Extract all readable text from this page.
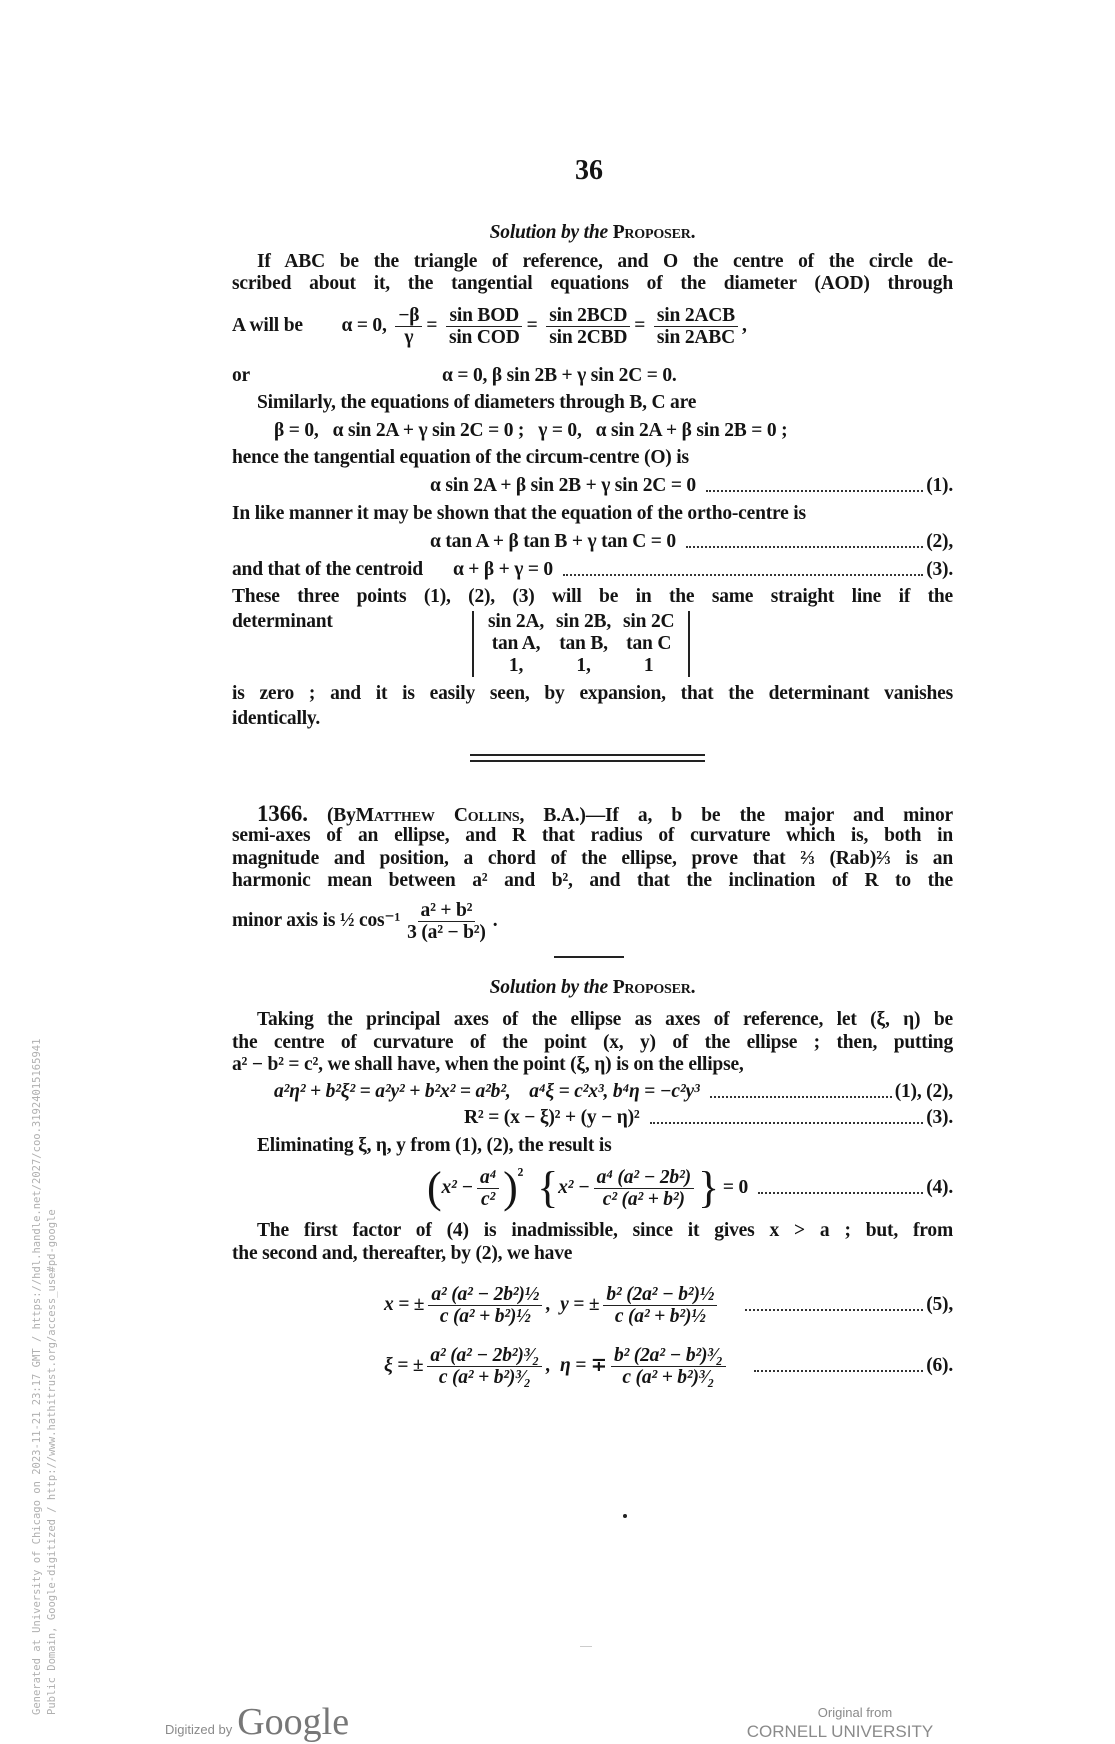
36
Solution by the Proposer.
If ABC be the triangle of reference, and O the centre of the circle de-
scribed about it, the tangential equations of the diameter (AOD) through
A will be α = 0, $\frac{-\beta}{\gamma} = \frac{\text{sin BOD}}{\text{sin COD}} = \frac{\text{sin 2BCD}}{\text{sin 2CBD}} = \frac{\text{sin 2ACB}}{\text{sin 2ABC}}$ ,
or	α = 0, β sin 2B + γ sin 2C = 0.
Similarly, the equations of diameters through B, C are
β = 0,   α sin 2A + γ sin 2C = 0 ;   γ = 0,   α sin 2A + β sin 2B = 0 ;
hence the tangential equation of the circum-centre (O) is
α sin 2A + β sin 2B + γ sin 2C = 0	(1).
In like manner it may be shown that the equation of the ortho-centre is
α tan A + β tan B + γ tan C = 0	(2),
and that of the centroid α + β + γ = 0	(3).
These three points (1), (2), (3) will be in the same straight line if the
determinant	sin 2A,	sin 2B,	sin 2C
tan A,	tan B,	tan C
1,	1,	1
is zero ; and it is easily seen, by expansion, that the determinant vanishes
identically.
1366. (ByMatthew Collins, B.A.)—If a, b be the major and minor
semi-axes of an ellipse, and R that radius of curvature which is, both in
magnitude and position, a chord of the ellipse, prove that ⅔ (Rab)⅔ is an
harmonic mean between a² and b², and that the inclination of R to the
minor axis is ½ $\cos^{-1} \frac{\text{a² + b²}}{\text{3 (a² − b²)}}$ .
Solution by the Proposer.
Taking the principal axes of the ellipse as axes of reference, let (ξ, η) be
the centre of curvature of the point (x, y) of the ellipse ; then, putting
a² − b² = c², we shall have, when the point (ξ, η) is on the ellipse,
a²η² + b²ξ² = a²y² + b²x² = a²b²,    a⁴ξ = c²x³, b⁴η = −c²y³	(1), (2),
R² = (x − ξ)² + (y − η)²	(3).
Eliminating ξ, η, y from (1), (2), the result is
( $x^2 - \frac{\text{a⁴}}{\text{c²}}$ ) ² { $x^2 - \frac{\text{a⁴ (a² − 2b²)}}{\text{c² (a² + b²)}}$ } = 0	(4).
The first factor of (4) is inadmissible, since it gives x > a ; but, from
the second and, thereafter, by (2), we have
x = ± $\frac{\text{a² (a² − 2b²)½}}{\text{c (a² + b²)½}}$ ,  y = ± $\frac{\text{b² (2a² − b²)½}}{\text{c (a² + b²)½}}$	(5),
ξ = ± $\frac{\text{a² (a² − 2b²)³⁄₂}}{\text{c (a² + b²)³⁄₂}}$ ,  η = ∓ $\frac{\text{b² (2a² − b²)³⁄₂}}{\text{c (a² + b²)³⁄₂}}$	(6).
Digitized by Google	Original from
CORNELL UNIVERSITY
Generated at University of Chicago on 2023-11-21 23:17 GMT / https://hdl.handle.net/2027/coo.31924015165941 Public Domain, Google-digitized / http://www.hathitrust.org/access_use#pd-google
